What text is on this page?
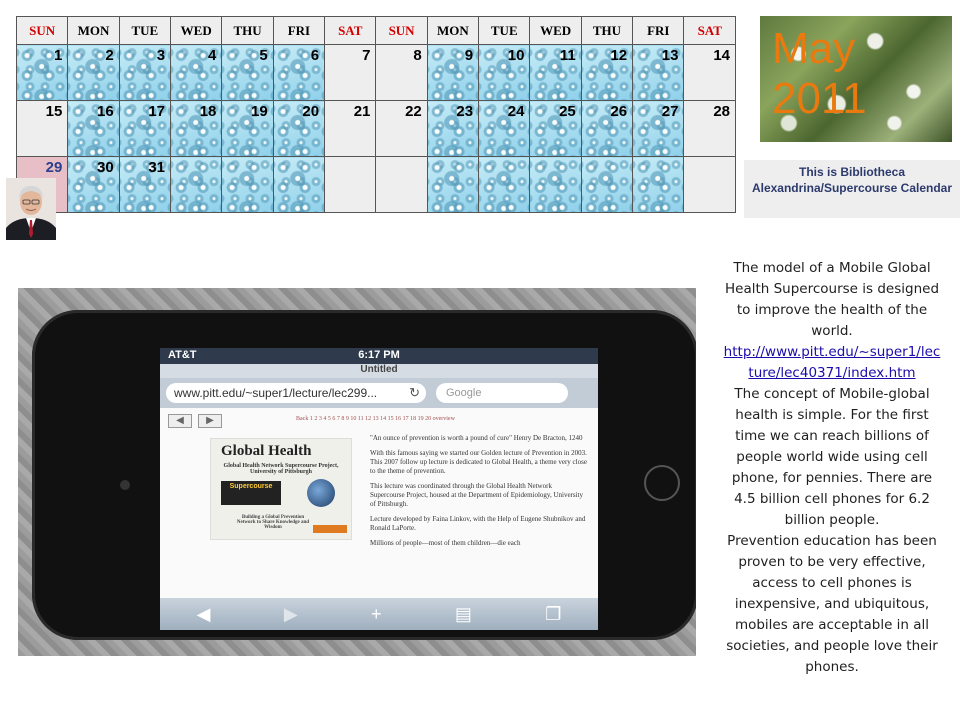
SUN	MON	TUE	WED	THU	FRI	SAT	SUN	MON	TUE	WED	THU	FRI	SAT
1	2	3	4	5	6	7	8	9	10	11	12	13	14
15	16	17	18	19	20	21	22	23	24	25	26	27	28
29	30	31											
May
2011
This is Bibliotheca Alexandrina/Supercourse Calendar
AT&T	6:17 PM
Untitled
www.pitt.edu/~super1/lecture/lec299... ↻	Google
◀ ▶	Back 1 2 3 4 5 6 7 8 9 10 11 12 13 14 15 16 17 18 19 20 overview
Global Health
Global Health Network Supercourse Project, University of Pittsburgh
Supercourse
Building a Global Prevention Network to Share Knowledge and Wisdom

"An ounce of prevention is worth a pound of cure" Henry De Bracton, 1240

With this famous saying we started our Golden lecture of Prevention in 2003. This 2007 follow up lecture is dedicated to Global Health, a theme very close to the theme of prevention.

This lecture was coordinated through the Global Health Network Supercourse Project, housed at the Department of Epidemiology, University of Pittsburgh.

Lecture developed by Faina Linkov, with the Help of Eugene Shubnikov and Ronald LaPorte.

Millions of people—most of them children—die each

◀	▶	+	▤	❐

The model of a Mobile Global Health Supercourse is designed to improve the health of the world.

http://www.pitt.edu/~super1/lecture/lec40371/index.htm

The concept of Mobile-global health is simple. For the first time we can reach billions of people world wide using cell phone, for pennies. There are 4.5 billion cell phones for 6.2 billion people.

Prevention education has been proven to be very effective, access to cell phones is inexpensive, and ubiquitous, mobiles are acceptable in all societies, and people love their phones.
